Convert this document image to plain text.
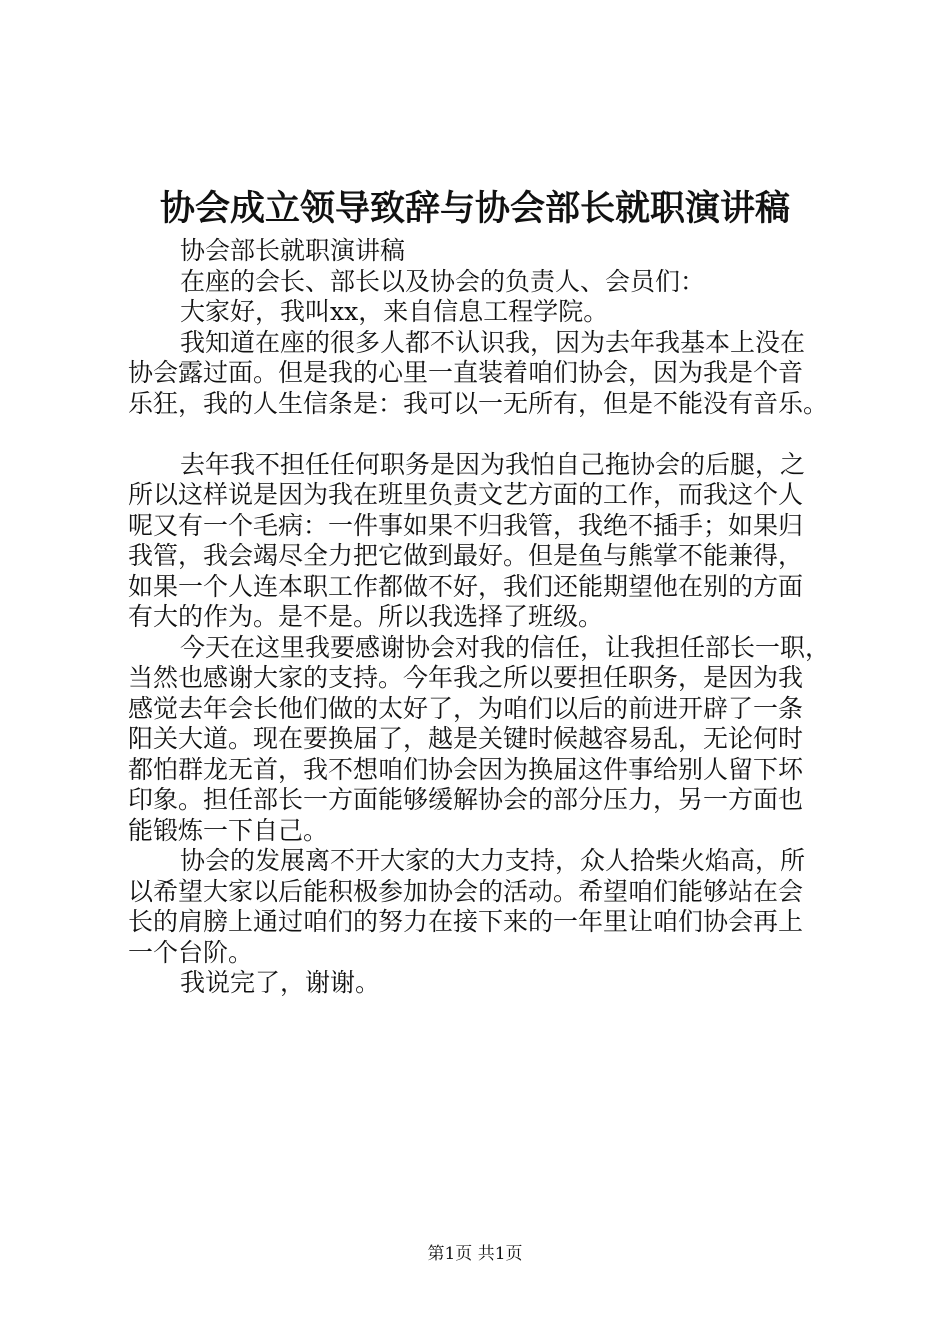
协会成立领导致辞与协会部长就职演讲稿
协会部长就职演讲稿
在座的会长、部长以及协会的负责人、会员们：
大家好，我叫xx，来自信息工程学院。
我知道在座的很多人都不认识我，因为去年我基本上没在
协会露过面。但是我的心里一直装着咱们协会，因为我是个音
乐狂，我的人生信条是：我可以一无所有，但是不能没有音乐。
去年我不担任任何职务是因为我怕自己拖协会的后腿，之
所以这样说是因为我在班里负责文艺方面的工作，而我这个人
呢又有一个毛病：一件事如果不归我管，我绝不插手；如果归
我管，我会竭尽全力把它做到最好。但是鱼与熊掌不能兼得，
如果一个人连本职工作都做不好，我们还能期望他在别的方面
有大的作为。是不是。所以我选择了班级。
今天在这里我要感谢协会对我的信任，让我担任部长一职，
当然也感谢大家的支持。今年我之所以要担任职务，是因为我
感觉去年会长他们做的太好了，为咱们以后的前进开辟了一条
阳关大道。现在要换届了，越是关键时候越容易乱，无论何时
都怕群龙无首，我不想咱们协会因为换届这件事给别人留下坏
印象。担任部长一方面能够缓解协会的部分压力，另一方面也
能锻炼一下自己。
协会的发展离不开大家的大力支持，众人拾柴火焰高，所
以希望大家以后能积极参加协会的活动。希望咱们能够站在会
长的肩膀上通过咱们的努力在接下来的一年里让咱们协会再上
一个台阶。
我说完了，谢谢。
第1页 共1页
